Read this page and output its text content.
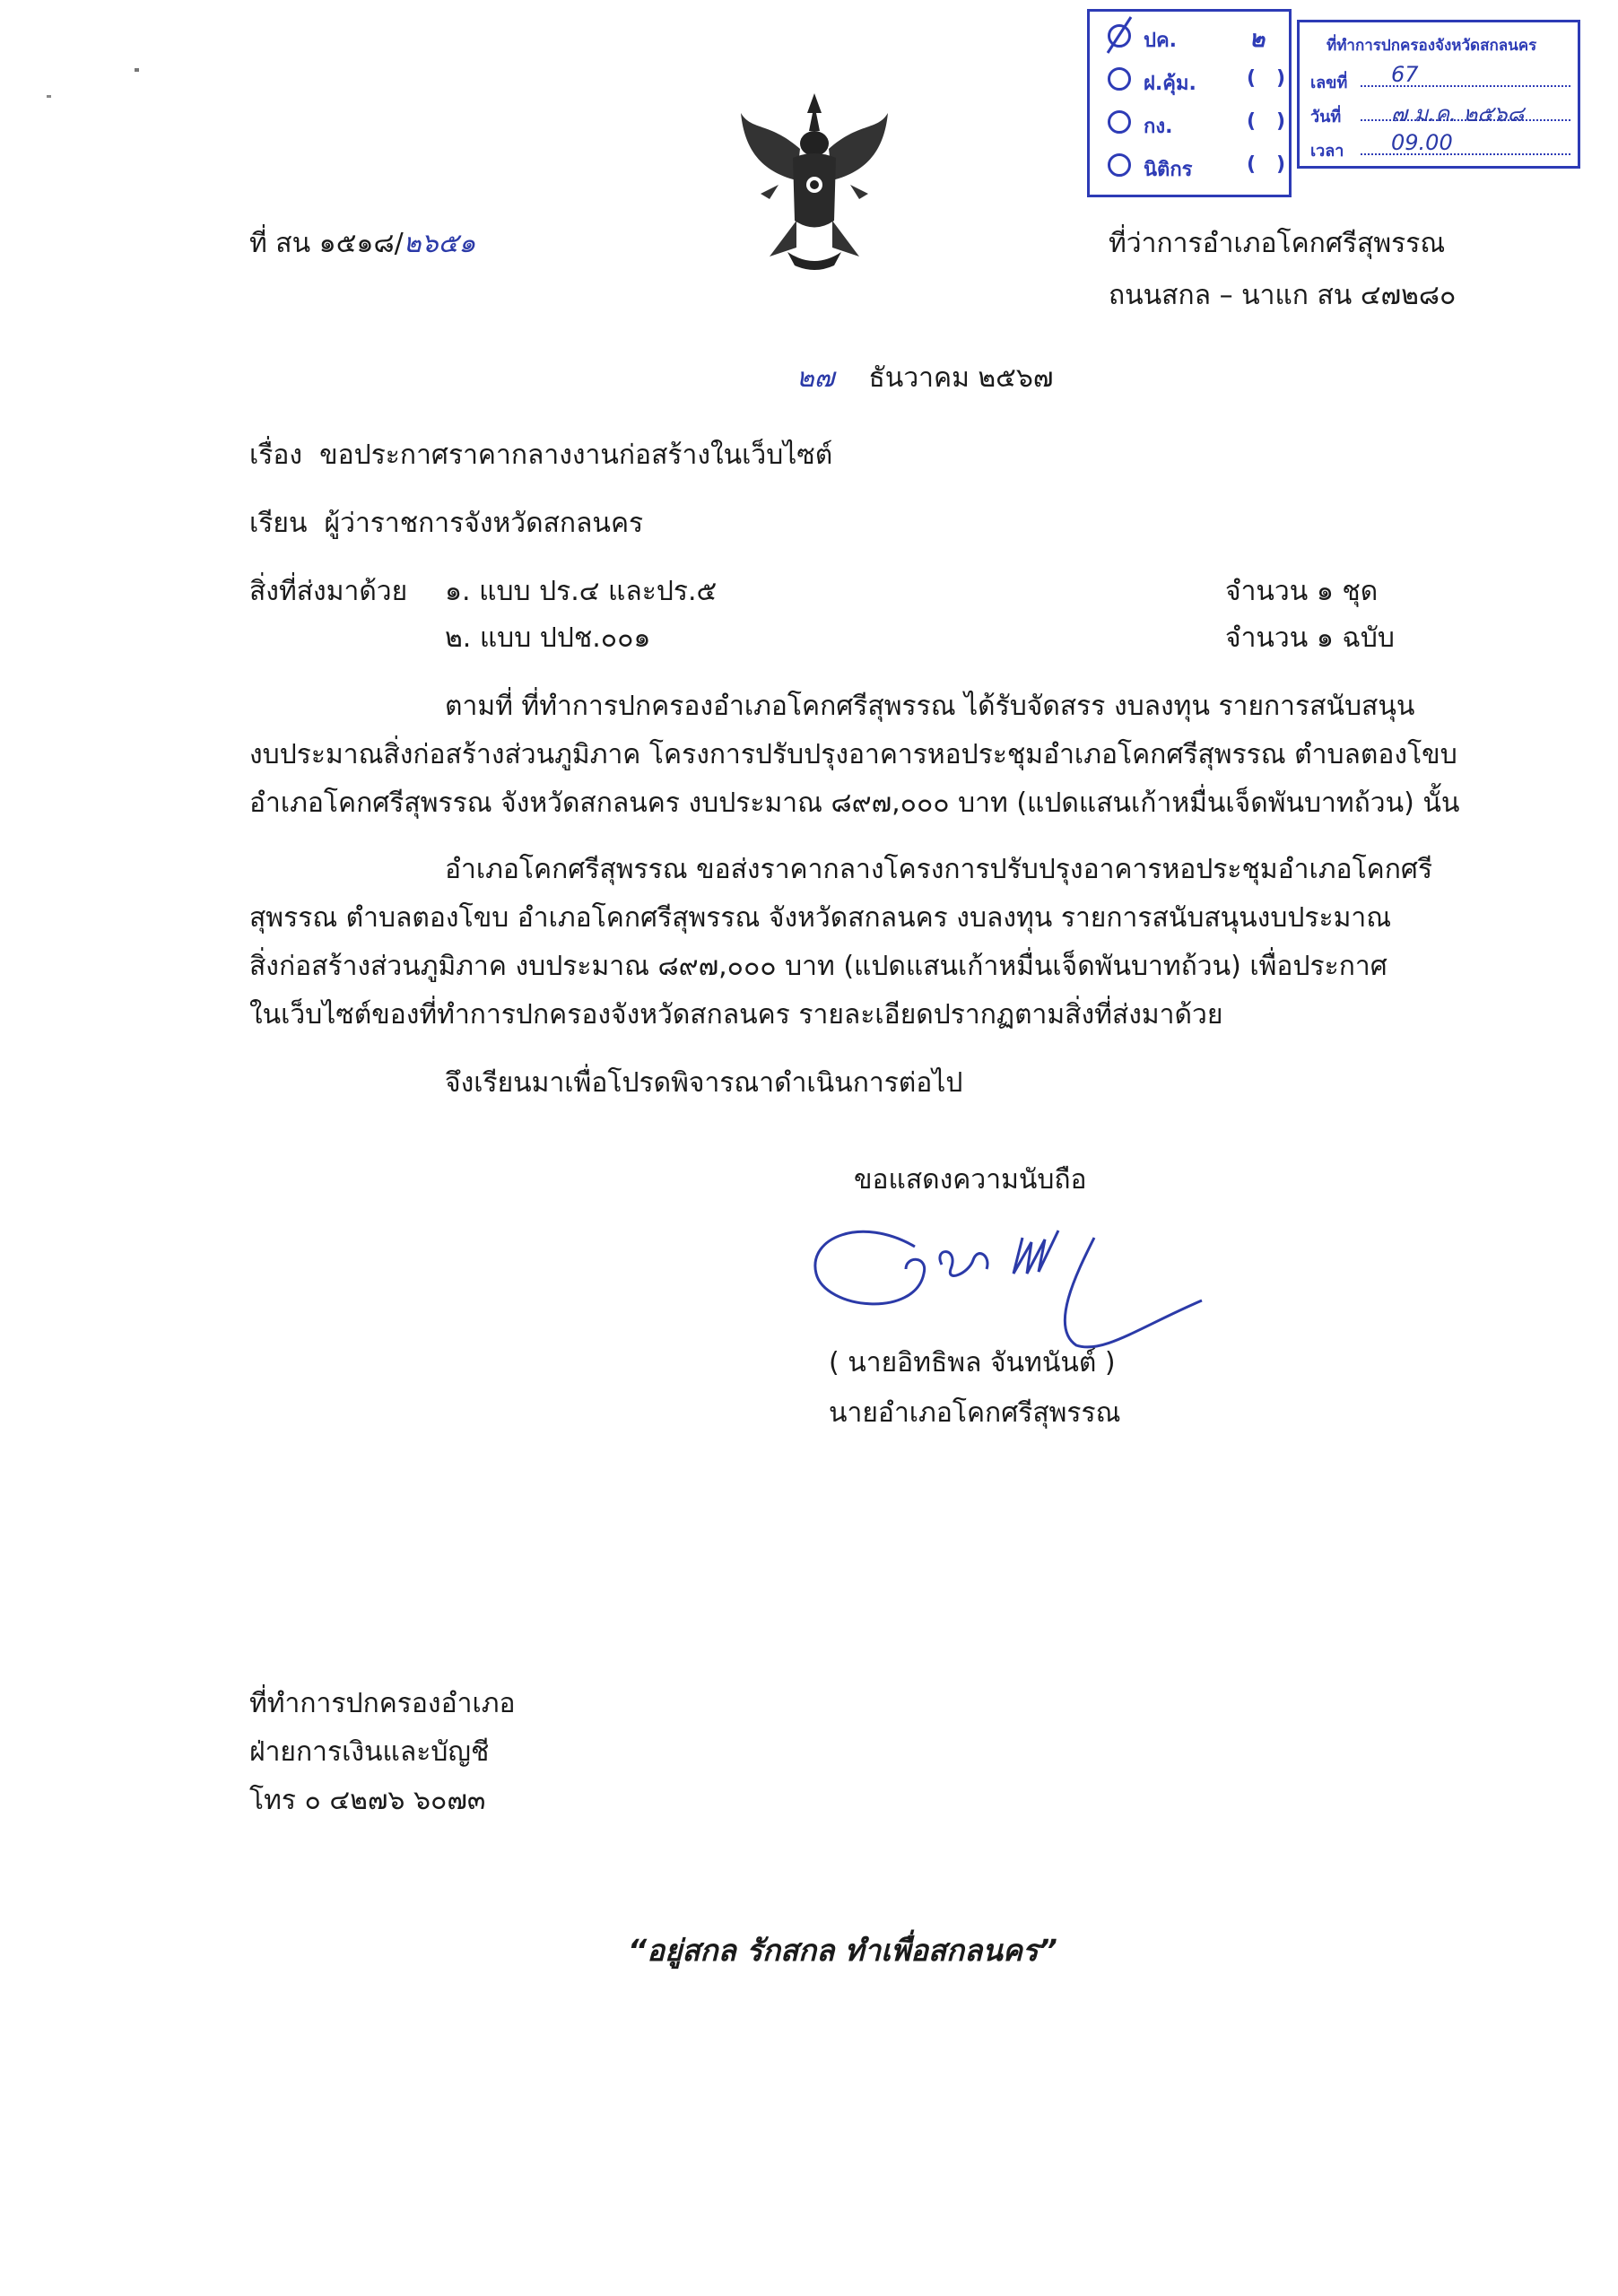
ปค.	๒
ฝ.คุ้ม.	(   )
กง.	(   )
นิติกร	(   )
ที่ทำการปกครองจังหวัดสกลนคร
เลขที่ 67
วันที่ ๗ ม.ค. ๒๕๖๘
เวลา 09.00
ที่ สน ๑๕๑๘/๒๖๕๑	ที่ว่าการอำเภอโคกศรีสุพรรณ
ถนนสกล – นาแก สน ๔๗๒๘๐
๒๗ ธันวาคม ๒๕๖๗
เรื่อง ขอประกาศราคากลางงานก่อสร้างในเว็บไซต์
เรียน ผู้ว่าราชการจังหวัดสกลนคร
สิ่งที่ส่งมาด้วย ๑. แบบ ปร.๔ และปร.๕	จำนวน ๑ ชุด
๒. แบบ ปปช.๐๐๑	จำนวน ๑ ฉบับ
ตามที่ ที่ทำการปกครองอำเภอโคกศรีสุพรรณ ได้รับจัดสรร งบลงทุน รายการสนับสนุน
งบประมาณสิ่งก่อสร้างส่วนภูมิภาค โครงการปรับปรุงอาคารหอประชุมอำเภอโคกศรีสุพรรณ ตำบลตองโขบ
อำเภอโคกศรีสุพรรณ จังหวัดสกลนคร งบประมาณ ๘๙๗,๐๐๐ บาท (แปดแสนเก้าหมื่นเจ็ดพันบาทถ้วน) นั้น
อำเภอโคกศรีสุพรรณ ขอส่งราคากลางโครงการปรับปรุงอาคารหอประชุมอำเภอโคกศรี
สุพรรณ ตำบลตองโขบ อำเภอโคกศรีสุพรรณ จังหวัดสกลนคร งบลงทุน รายการสนับสนุนงบประมาณ
สิ่งก่อสร้างส่วนภูมิภาค งบประมาณ ๘๙๗,๐๐๐ บาท (แปดแสนเก้าหมื่นเจ็ดพันบาทถ้วน) เพื่อประกาศ
ในเว็บไซต์ของที่ทำการปกครองจังหวัดสกลนคร รายละเอียดปรากฏตามสิ่งที่ส่งมาด้วย
จึงเรียนมาเพื่อโปรดพิจารณาดำเนินการต่อไป
ขอแสดงความนับถือ
( นายอิทธิพล จันทนันต์ )
นายอำเภอโคกศรีสุพรรณ
ที่ทำการปกครองอำเภอ
ฝ่ายการเงินและบัญชี
โทร ๐ ๔๒๗๖ ๖๐๗๓
“อยู่สกล รักสกล ทำเพื่อสกลนคร”
